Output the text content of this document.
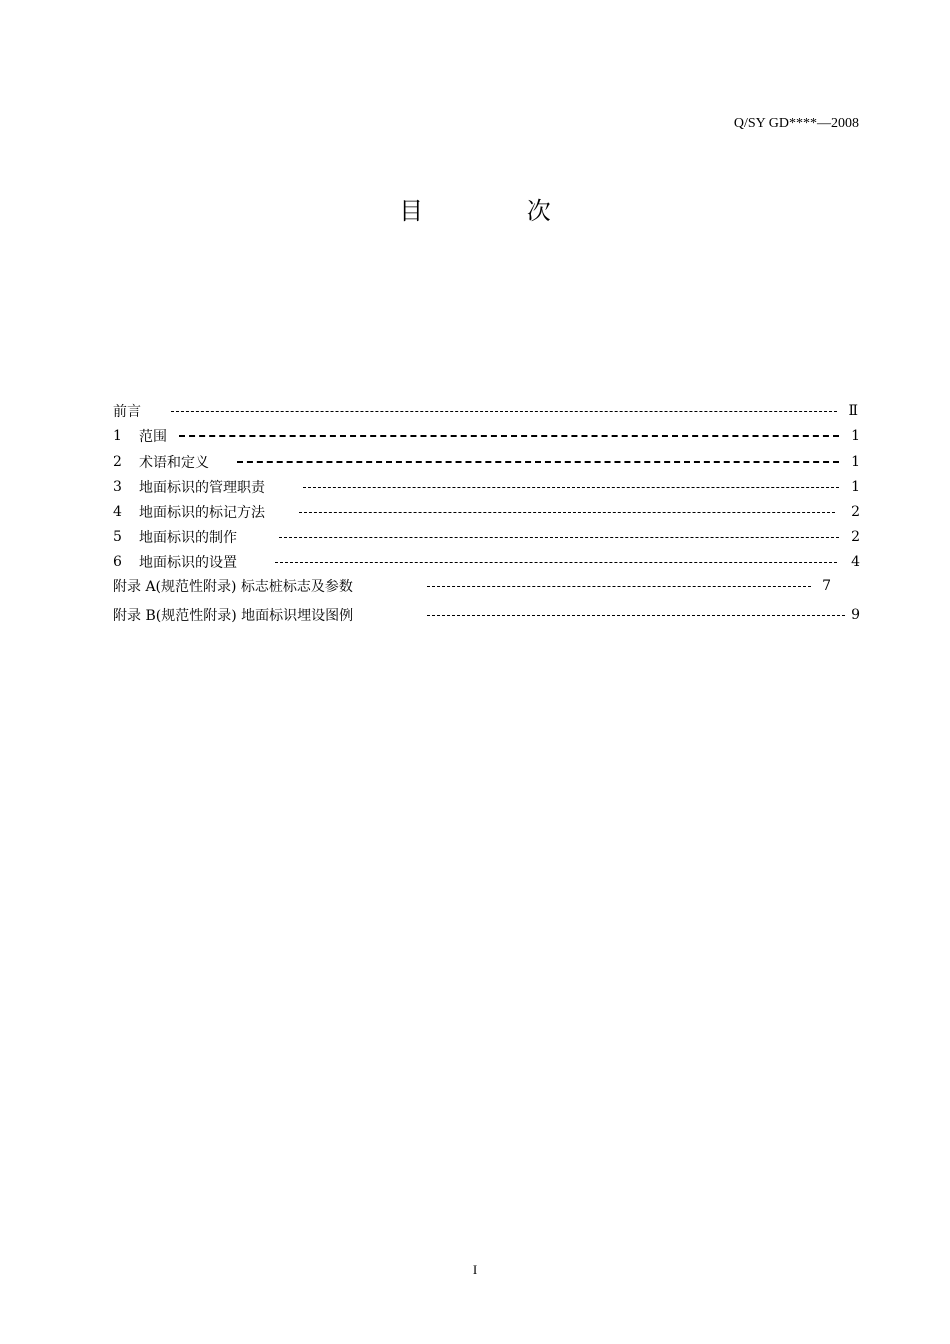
Q/SY GD****—2008
目 次
前言	Ⅱ
1	范围	1
2	术语和定义	1
3	地面标识的管理职责	1
4	地面标识的标记方法	2
5	地面标识的制作	2
6	地面标识的设置	4
附录 A(规范性附录) 标志桩标志及参数	7
附录 B(规范性附录) 地面标识埋设图例	9
I
